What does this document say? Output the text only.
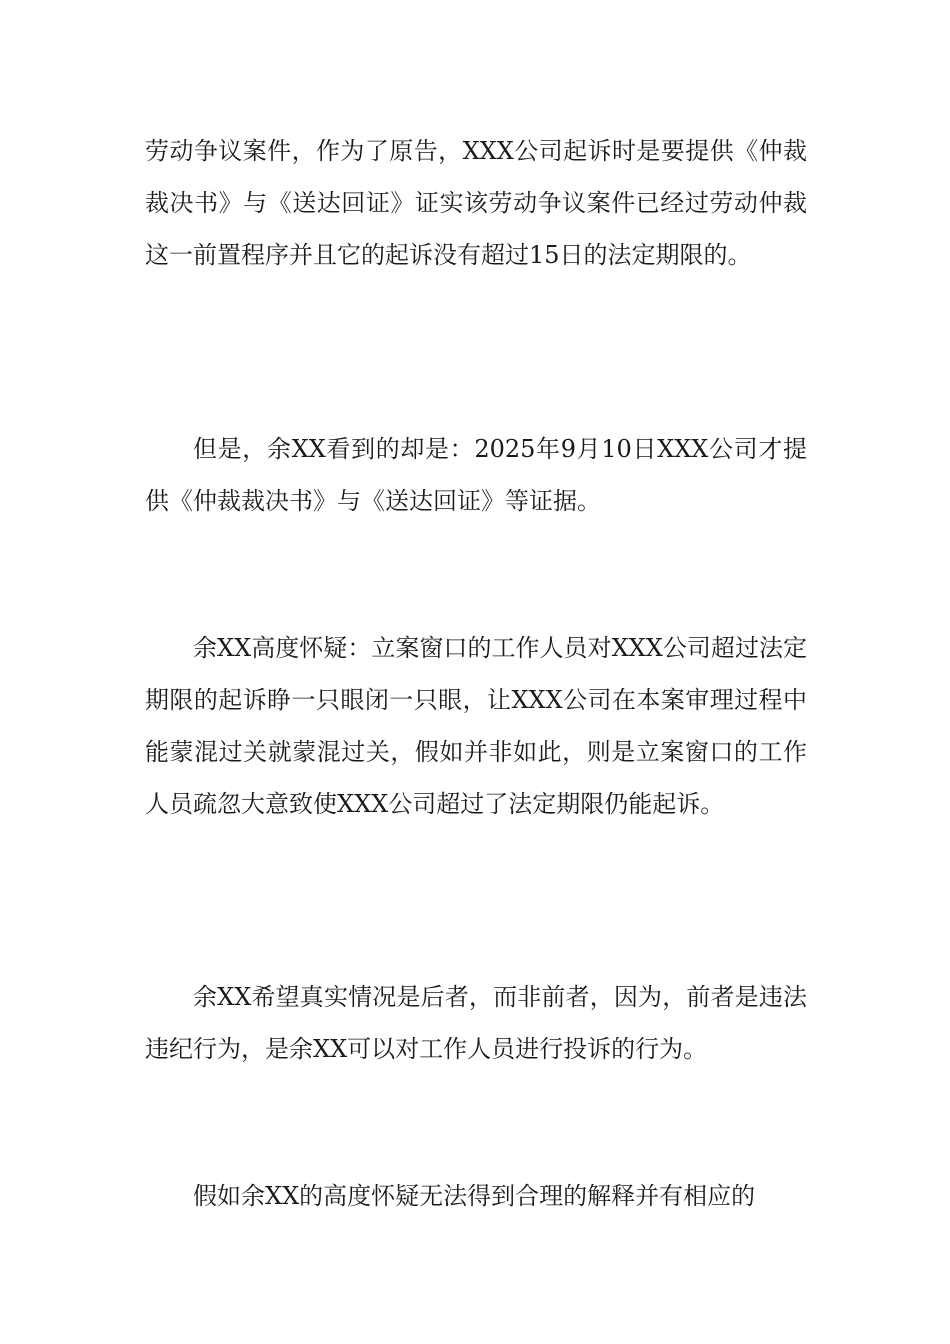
劳动争议案件，作为了原告，XXX公司起诉时是要提供《仲裁裁决书》与《送达回证》证实该劳动争议案件已经过劳动仲裁这一前置程序并且它的起诉没有超过15日的法定期限的。

但是，余XX看到的却是：2025年9月10日XXX公司才提供《仲裁裁决书》与《送达回证》等证据。

余XX高度怀疑：立案窗口的工作人员对XXX公司超过法定期限的起诉睁一只眼闭一只眼，让XXX公司在本案审理过程中能蒙混过关就蒙混过关，假如并非如此，则是立案窗口的工作人员疏忽大意致使XXX公司超过了法定期限仍能起诉。

余XX希望真实情况是后者，而非前者，因为，前者是违法违纪行为，是余XX可以对工作人员进行投诉的行为。

假如余XX的高度怀疑无法得到合理的解释并有相应的
